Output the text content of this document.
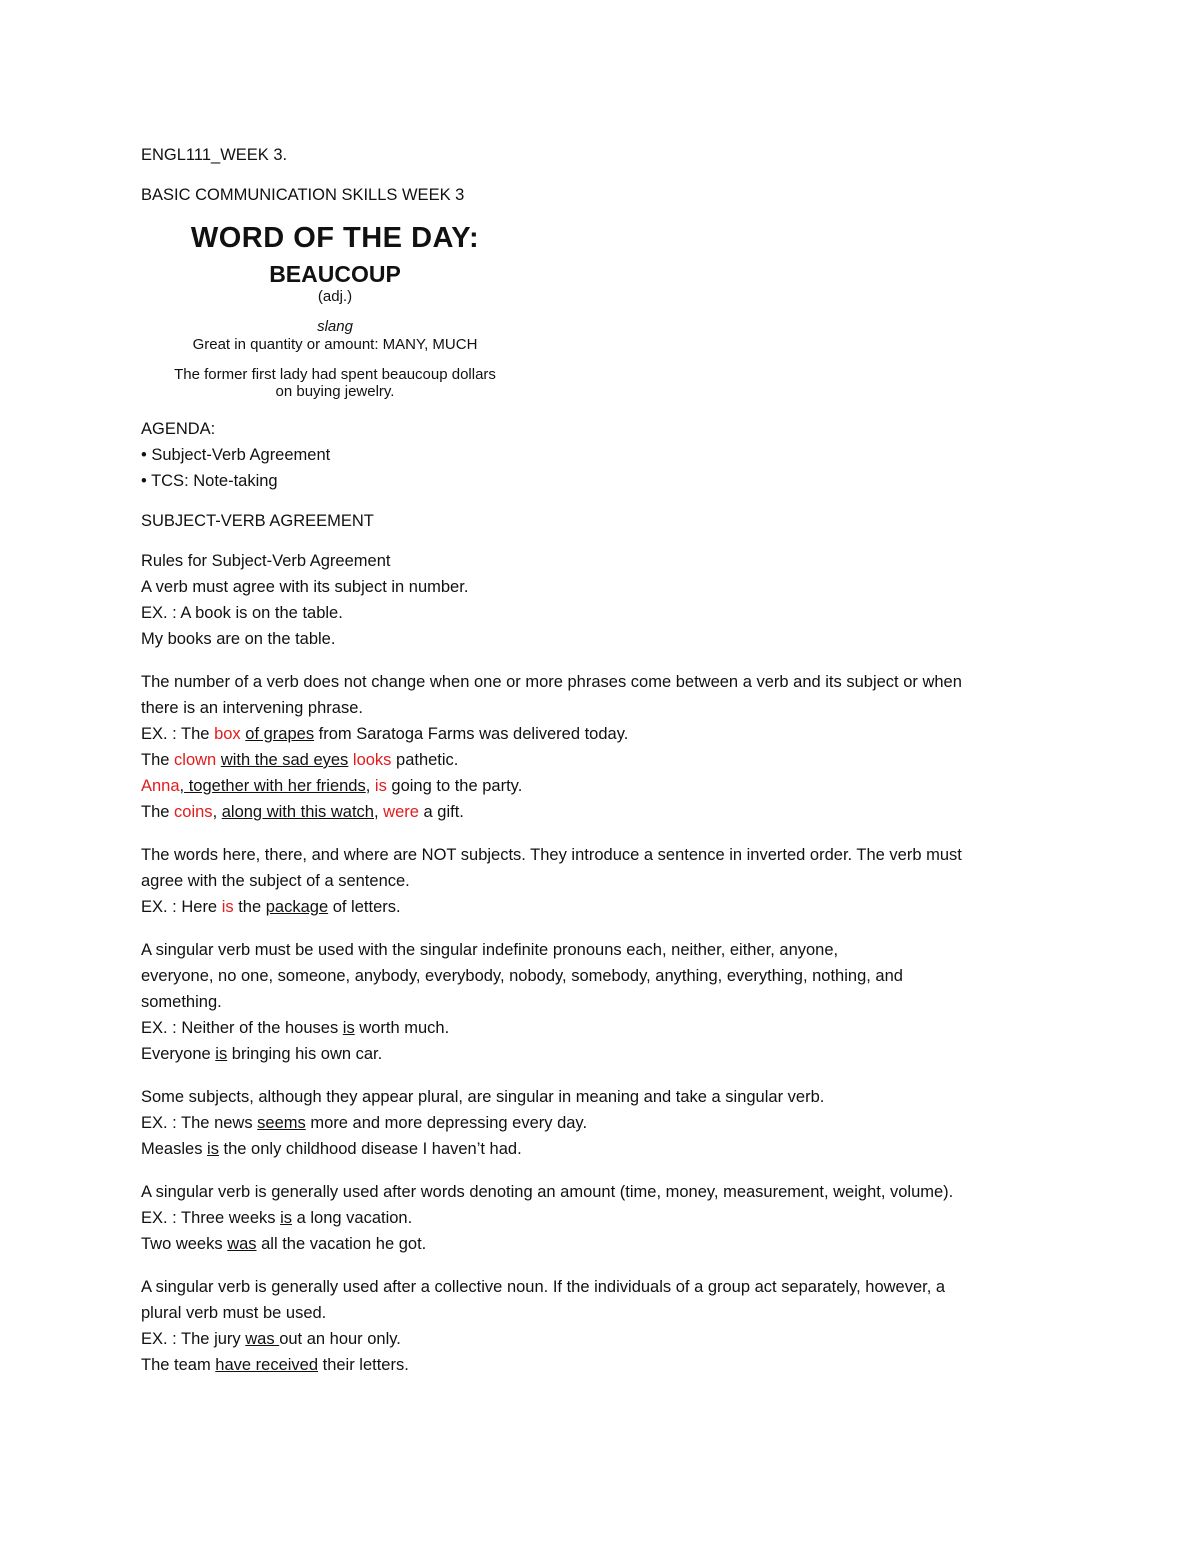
ENGL111_WEEK 3.

BASIC COMMUNICATION SKILLS WEEK 3

WORD OF THE DAY:
BEAUCOUP
(adj.)
slang
Great in quantity or amount: MANY, MUCH
The former first lady had spent beaucoup dollars
on buying jewelry.

AGENDA:

• Subject-Verb Agreement

• TCS: Note-taking

SUBJECT-VERB AGREEMENT

Rules for Subject-Verb Agreement

A verb must agree with its subject in number.

EX. : A book is on the table.

My books are on the table.

The number of a verb does not change when one or more phrases come between a verb and its subject or when

there is an intervening phrase.

EX. : The box of grapes from Saratoga Farms was delivered today.

The clown with the sad eyes looks pathetic.

Anna, together with her friends, is going to the party.

The coins, along with this watch, were a gift.

The words here, there, and where are NOT subjects. They introduce a sentence in inverted order. The verb must

agree with the subject of a sentence.

EX. : Here is the package of letters.

A singular verb must be used with the singular indefinite pronouns each, neither, either, anyone,

everyone, no one, someone, anybody, everybody, nobody, somebody, anything, everything, nothing, and

something.

EX. : Neither of the houses is worth much.

Everyone is bringing his own car.

Some subjects, although they appear plural, are singular in meaning and take a singular verb.

EX. : The news seems more and more depressing every day.

Measles is the only childhood disease I haven’t had.

A singular verb is generally used after words denoting an amount (time, money, measurement, weight, volume).

EX. : Three weeks is a long vacation.

Two weeks was all the vacation he got.

A singular verb is generally used after a collective noun. If the individuals of a group act separately, however, a

plural verb must be used.

EX. : The jury was out an hour only.

The team have received their letters.
